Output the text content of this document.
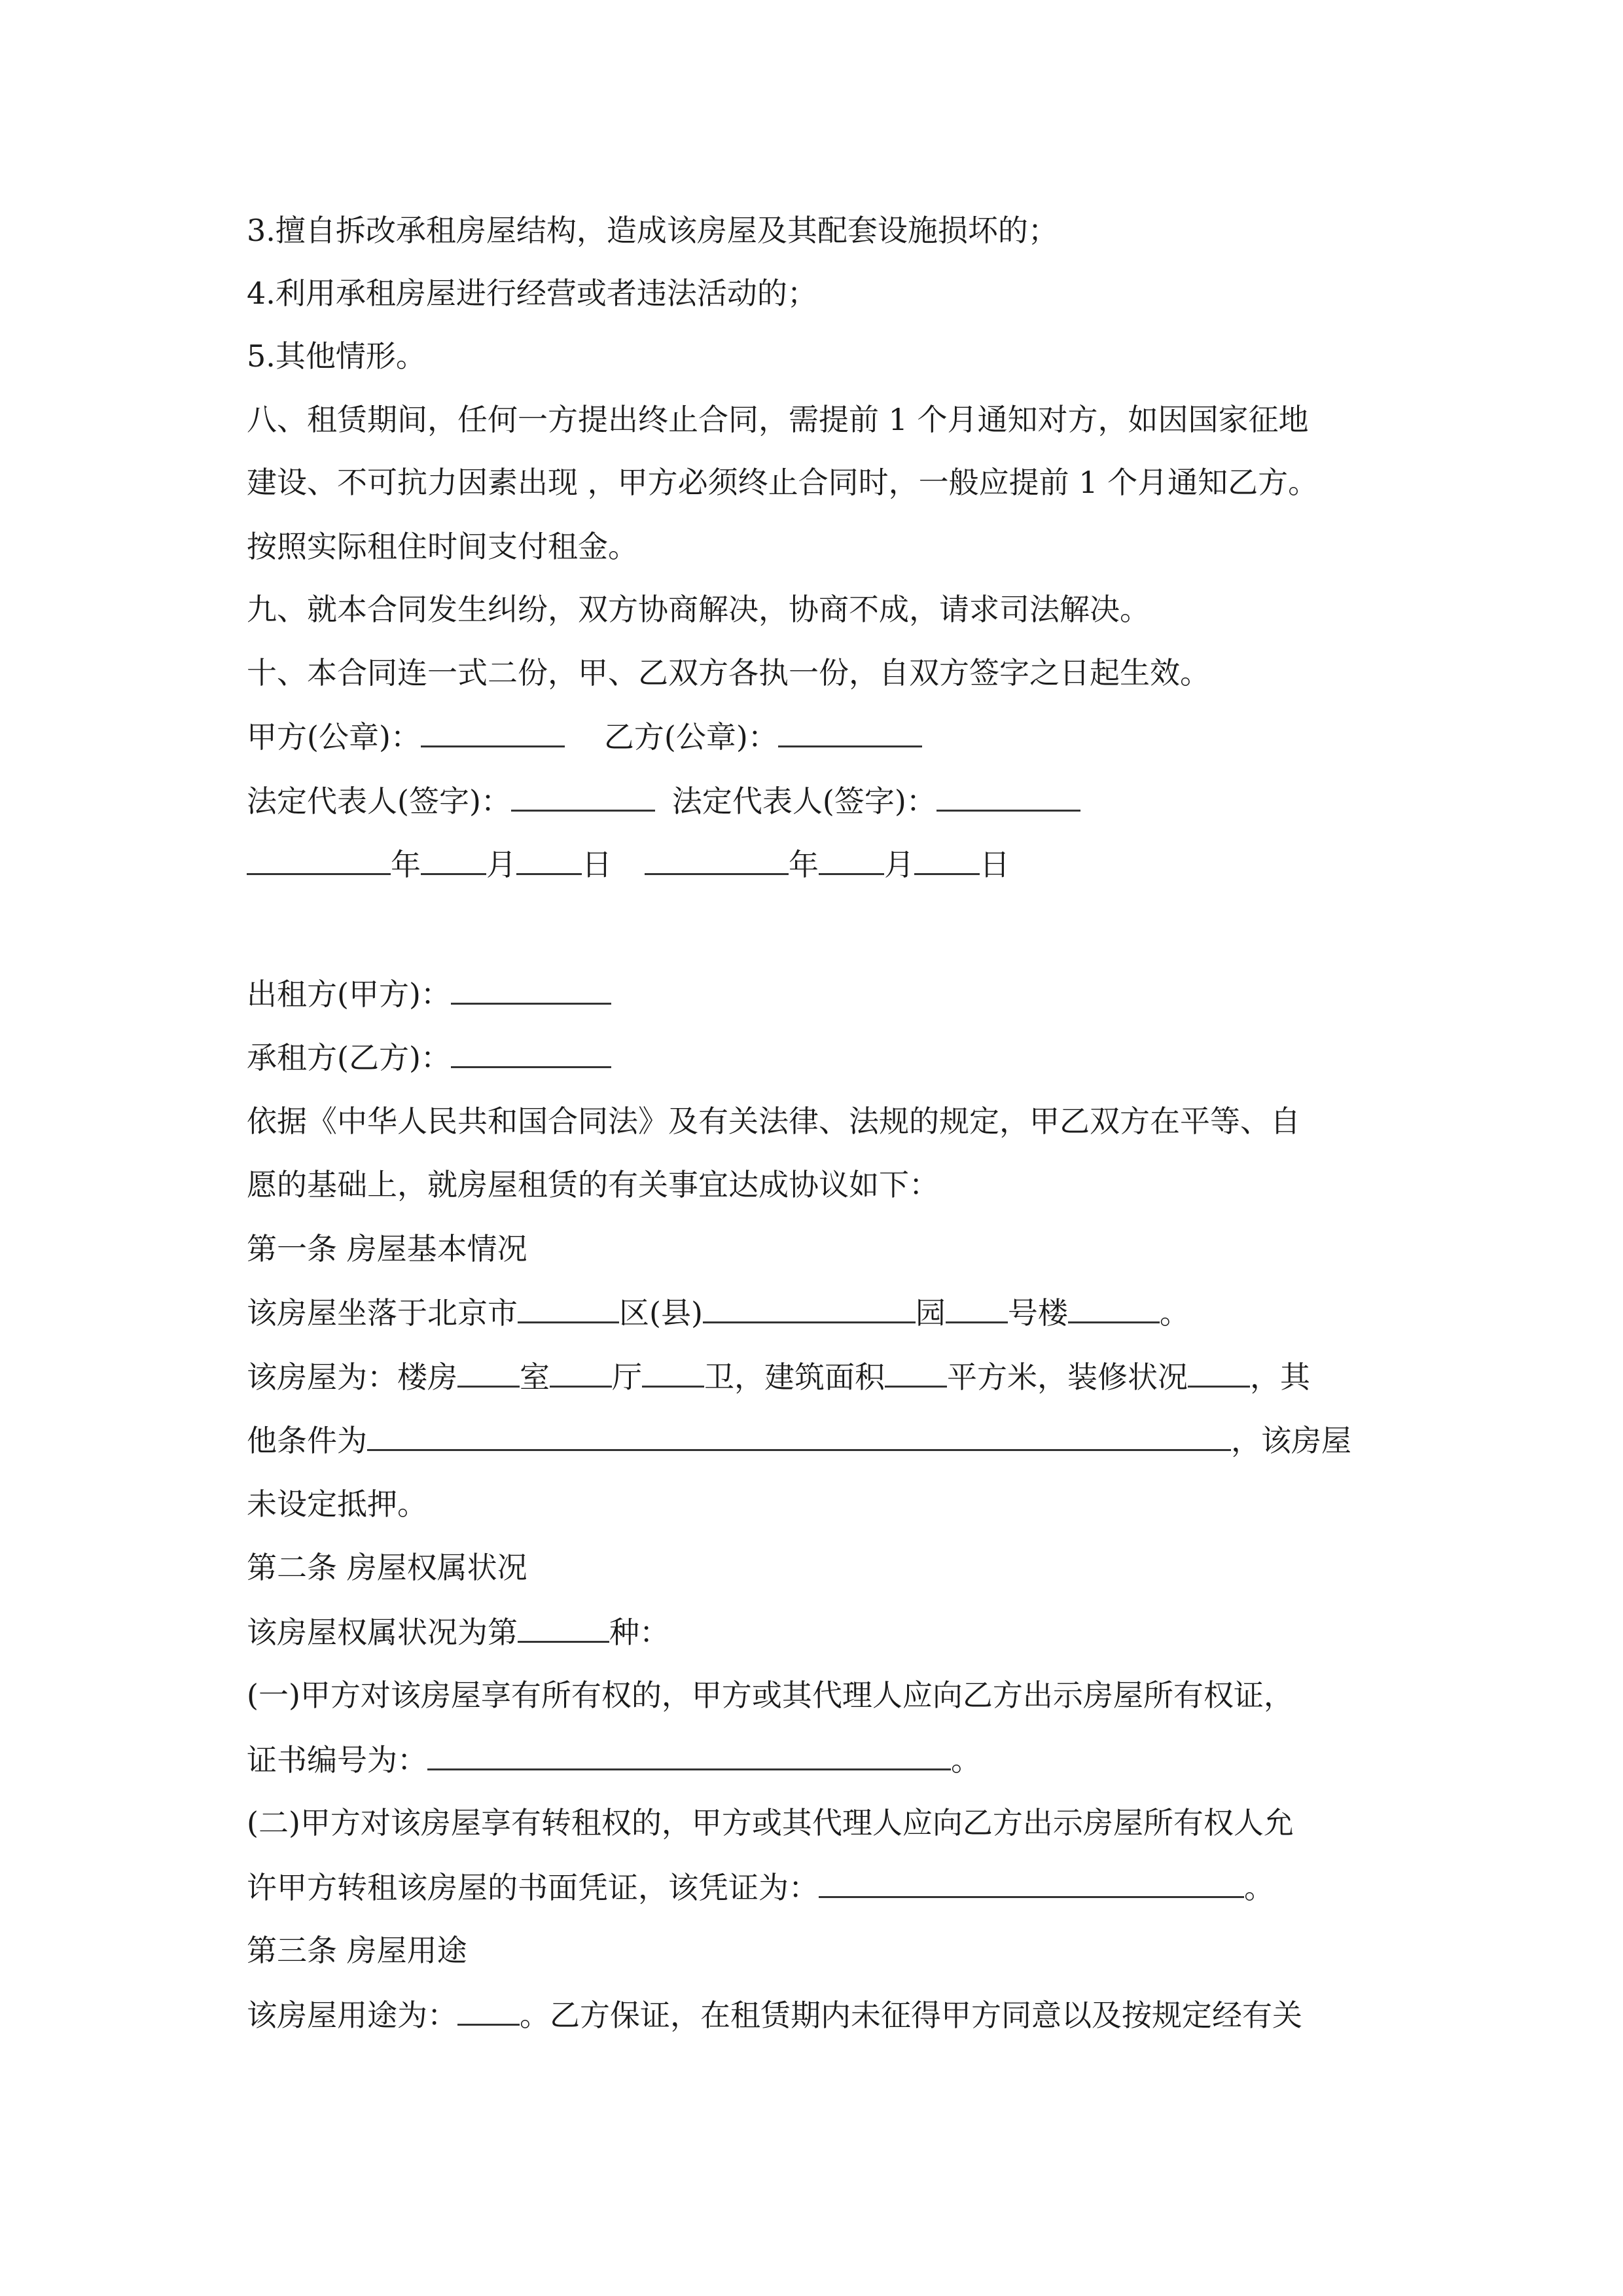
3.擅自拆改承租房屋结构，造成该房屋及其配套设施损坏的；
4.利用承租房屋进行经营或者违法活动的；
5.其他情形。
八、租赁期间，任何一方提出终止合同，需提前 1 个月通知对方，如因国家征地
建设、不可抗力因素出现 ，甲方必须终止合同时，一般应提前 1 个月通知乙方。
按照实际租住时间支付租金。
九、就本合同发生纠纷，双方协商解决，协商不成，请求司法解决。
十、本合同连一式二份，甲、乙双方各执一份，自双方签字之日起生效。
甲方(公章)：	乙方(公章)：
法定代表人(签字)：	法定代表人(签字)：
年 月 日	年 月 日
出租方(甲方)：
承租方(乙方)：
依据《中华人民共和国合同法》及有关法律、法规的规定，甲乙双方在平等、自
愿的基础上，就房屋租赁的有关事宜达成协议如下：
第一条 房屋基本情况
该房屋坐落于北京市	区(县)	园 号楼	。
该房屋为：楼房 室 厅 卫，建筑面积 平方米，装修状况 ，其
他条件为	，该房屋
未设定抵押。
第二条 房屋权属状况
该房屋权属状况为第	种：
(一)甲方对该房屋享有所有权的，甲方或其代理人应向乙方出示房屋所有权证，
证书编号为：	。
(二)甲方对该房屋享有转租权的，甲方或其代理人应向乙方出示房屋所有权人允
许甲方转租该房屋的书面凭证，该凭证为：	。
第三条 房屋用途
该房屋用途为： 。乙方保证，在租赁期内未征得甲方同意以及按规定经有关
